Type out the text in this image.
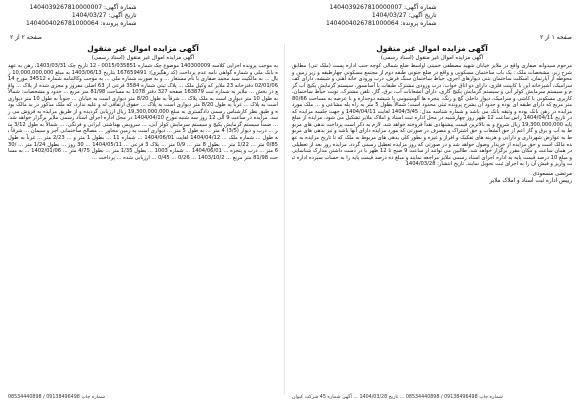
شماره آگهی: 1404039267810000007
تاریخ آگهی: 1404/03/27
شماره پرونده: 1404004026781000064
شماره آگهی: 1404039267810000007
تاریخ آگهی: 1404/03/27
شماره پرونده: 1404004026781000064
صفحه ۲ از ۲	صفحه ۱ از ۲
آگهی مزایده اموال غیر منقول
آگهی مزایده اموال غیر منقول (اسناد رسمی)
مرحوم سیدوانه صفاری واقع در ملایر خیابان شهید مصطفی خمینی اواسط ضلع شمالی کوچه جنب اداره پست (ملک تنی) مطابق شرح زیر، مشخصات ملک : یک باب ساختمان مسکونی و واقع در ضلع جنوبی طبقه دوم از مجتمع مسکونی چهارطبقه و زیر زمین و محوطه از آپارتمان، اسکلت ساختمان بتنی دیوارهای آجری، حیاط ساختمان سنگ فرش، درب ورودی خانه آهنی و شیشه، دارای کف سرامیک، آشپزخانه اپن با کابینت فلزی، دارای دو اتاق خواب، درب ورودی مشترک طبقات با آسانسور، سیستم گرمایش پکیج آب گرم و سیستم سرمایش کولر آبی و سیستم گرمایش پکیج گازی، دارای انشعابات آب، برق، گاز، تلفن مشترک، نوبت حیاط ساختمان، کاربری مسکونی با کاشی و سرامیک، دیوار داخلی گچ و رنگ، پنجره ها آلومینیومی با شیشه دوجداره و با عرصه به مساحت 80/66 متر مربع که دارای طبقه ای بوده و حدود آن بشرح پرونده ثبتی محدود است؛ شمالاً بطول 5 متر به راه پله مشاعی و ... ملک مورد مزایده در رهن بانک بوده و وثیقه بانک می باشد و شماره شناسه مدل: 1404/3/45 لغایت 1404/04/11 و جهت جلسه مزایده که در تاریخ 1404/04/11 راس ساعت 12 ظهر روز چهارشنبه در محل اداره ثبت اسناد و املاک ملایر تشکیل می شود، مزایده از مبلغ پایه 19,300,000,000 ریال شروع و به بالاترین قیمت پیشنهادی نقداً فروخته خواهد شد. لازم به ذکر است پرداخت بدهی های مربوط به آب و برق و گاز اعم از حق انشعاب و حق اشتراک و مصرف در صورتی که مورد مزایده دارای آنها باشد و نیز بدهی های مربوط به عوارض شهرداری و دارایی و هزینه های تفکیک و افراز و غیره و بطور کلی بدهی های مربوط به ملک که تا تاریخ مزایده به عهده مالک است و حق مزایده از خریدار وصول خواهد شد و در صورتی که روز مزایده تعطیل رسمی گردد، مزایده روز بعد از تعطیلی در همان ساعت و مکان مقرر برگزار خواهد شد. طالبین می توانند از ساعت 9 صبح تا 12 ظهر با در دست داشتن مدارک شناسایی و مبلغ 10 درصد قیمت پایه به اداره اجرای اسناد رسمی ملایر مراجعه نمایند و مبلغ ده درصد قیمت پایه را به حساب سپرده اداره ثبت واریز و فیش آن را به اجرای ثبت تحویل نمایند. تاریخ انتشار: 1404/03/28
مرتضی مسعودی
رییس اداره ثبت اسناد و املاک ملایر
آگهی مزایده اموال غیر منقول
آگهی مزایده اموال غیر منقول (اسناد رسمی)
به موجب پرونده اجرایی کلاسه 140300009 موضوع چک شماره 0015/035851 - 12 تاریخ چک 1403/03/31، رهن به عهده بانک ملی و شماره گواهی نامه عدم پرداخت (کد رهگیری): 167659491 بتاریخ 1403/06/13 به مبلغ 10,000,000,000 ریال ... به مالکیت سید محمد صفاری با نام مستعار ... و به صورت شماره ملی ... به موجب وکالتنامه شماره 34512 مورخ 1402/01/06 دفترخانه 23 ملایر که وکیل ملک ... پلاک ثبتی شماره 3584 فرعی از 63 اصلی مفروز و مجزی شده از پلاک ... واقع در بخش ... ملایر به شماره ثبت 163879 صفحه 327 دفتر 1078 به مساحت 81/98 متر مربع ... حدود و مشخصات: شمالاً به طول 10 متر دیواری است به ملک پلاک ... شرقاً به طول 8/20 متر دیواری است به خیابان ... جنوباً به طول 10 متر دیواری است به پلاک ... غرباً به طول 8/20 متر دیواری است به پلاک ... حقوق ارتفاقی له و علیه ندارد، که ملک مذکور در ید مالک بوده و طبق نظر کارشناس رسمی دادگستری به مبلغ 19,300,000,000 ریال ارزیابی گردیده و از طریق مزایده به فروش می رسد. مزایده در ساعت 9 الی 12 روز سه شنبه مورخ 1404/04/10 در محل اداره اجرای اسناد رسمی ملایر برگزار خواهد شد. ... ضمناً سیستم گرمایش پکیج و سیستم سرمایش کولر آبی، ... سرویس بهداشتی ایرانی و فرنگی، ... شمالاً به طول 3/12 متر ... درب و دیوار (3/5) 4 متر ... به طول 5 متر ... دیواری است به زمین مجاور ... مصالح ساختمانی آجر و سیمان ... شرقاً به طول ... شماره ملک ... 1404/04/12 لغایت 1404/06/01 ... شماره 11 ... بطول 1 متر و ... 2/23 متر ... غرباً به طول 0/85 متر ... 1/22 متر ... بطول 8 متر ... 0/9 متر ... پلاک 3 فرعی ... 1404/05/11 ... 30 روز ... بطول 1/24 متر ... 30/6 متر ... درب و پنجره ... 1404/06/01 ... شماره 1003 ... بطول 1/35 متر ... بطول 4/75 متر ... 1402/01/06 ... به مساحت 81/98 متر مربع ... 1403/10/2 ... 0/26 ... 0/45 ... ارزیابی شده ... پرداخت ...
شماره چاپ 09138496498 / 08534440898	شماره چاپ 09138496498 / 08534440898 ... تاریخ 1404/03/28 ... آگهی شماره 45 شرکت کیوان
